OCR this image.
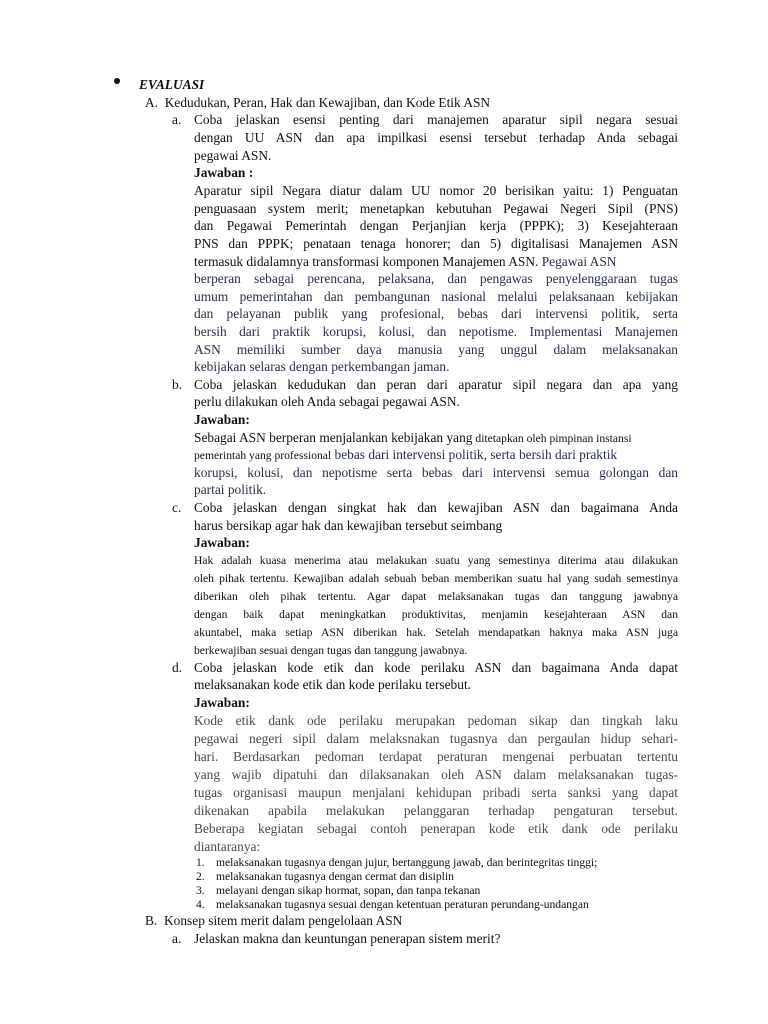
EVALUASI
A.  Kedudukan, Peran, Hak dan Kewajiban, dan Kode Etik ASN
a. Coba jelaskan esensi penting dari manajemen aparatur sipil negara sesuai
dengan UU ASN dan apa impilkasi esensi tersebut terhadap Anda sebagai
pegawai ASN.
Jawaban :
Aparatur sipil Negara diatur dalam UU nomor 20 berisikan yaitu: 1) Penguatan
penguasaan system merit; menetapkan kebutuhan Pegawai Negeri Sipil (PNS)
dan Pegawai Pemerintah dengan Perjanjian kerja (PPPK); 3) Kesejahteraan
PNS dan PPPK; penataan tenaga honorer; dan 5) digitalisasi Manajemen ASN
termasuk didalamnya transformasi komponen Manajemen ASN. Pegawai ASN
berperan sebagai perencana, pelaksana, dan pengawas penyelenggaraan tugas
umum pemerintahan dan pembangunan nasional melalui pelaksanaan kebijakan
dan pelayanan publik yang profesional, bebas dari intervensi politik, serta
bersih dari praktik korupsi, kolusi, dan nepotisme. Implementasi Manajemen
ASN memiliki sumber daya manusia yang unggul dalam melaksanakan
kebijakan selaras dengan perkembangan jaman.
b. Coba jelaskan kedudukan dan peran dari aparatur sipil negara dan apa yang
perlu dilakukan oleh Anda sebagai pegawai ASN.
Jawaban:
Sebagai ASN berperan menjalankan kebijakan yang ditetapkan oleh pimpinan instansi
pemerintah yang professional bebas dari intervensi politik, serta bersih dari praktik
korupsi, kolusi, dan nepotisme serta bebas dari intervensi semua golongan dan
partai politik.
c. Coba jelaskan dengan singkat hak dan kewajiban ASN dan bagaimana Anda
harus bersikap agar hak dan kewajiban tersebut seimbang
Jawaban:
Hak adalah kuasa menerima atau melakukan suatu yang semestinya diterima atau dilakukan
oleh pihak tertentu. Kewajiban adalah sebuah beban memberikan suatu hal yang sudah semestinya
diberikan oleh pihak tertentu. Agar dapat melaksanakan tugas dan tanggung jawabnya
dengan baik dapat meningkatkan produktivitas, menjamin kesejahteraan ASN dan
akuntabel, maka setiap ASN diberikan hak. Setelah mendapatkan haknya maka ASN juga
berkewajiban sesuai dengan tugas dan tanggung jawabnya.
d. Coba jelaskan kode etik dan kode perilaku ASN dan bagaimana Anda dapat
melaksanakan kode etik dan kode perilaku tersebut.
Jawaban:
Kode etik dank ode perilaku merupakan pedoman sikap dan tingkah laku
pegawai negeri sipil dalam melaksnakan tugasnya dan pergaulan hidup sehari-
hari. Berdasarkan pedoman terdapat peraturan mengenai perbuatan tertentu
yang wajib dipatuhi dan dilaksanakan oleh ASN dalam melaksanakan tugas-
tugas organisasi maupun menjalani kehidupan pribadi serta sanksi yang dapat
dikenakan apabila melakukan pelanggaran terhadap pengaturan tersebut.
Beberapa kegiatan sebagai contoh penerapan kode etik dank ode perilaku
diantaranya:
1. melaksanakan tugasnya dengan jujur, bertanggung jawab, dan berintegritas tinggi;
2. melaksanakan tugasnya dengan cermat dan disiplin
3. melayani dengan sikap hormat, sopan, dan tanpa tekanan
4. melaksanakan tugasnya sesuai dengan ketentuan peraturan perundang-undangan
B.  Konsep sitem merit dalam pengelolaan ASN
a. Jelaskan makna dan keuntungan penerapan sistem merit?
